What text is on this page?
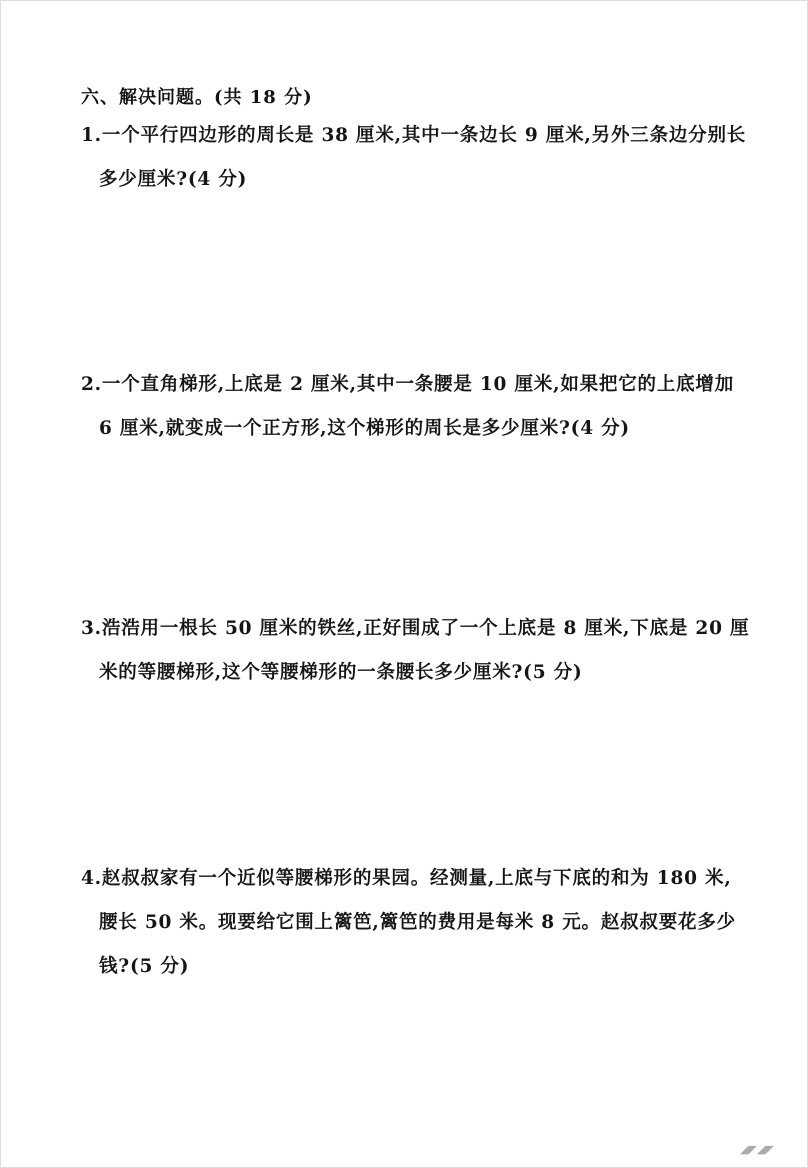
六、解决问题。(共 18 分)
1.一个平行四边形的周长是 38 厘米,其中一条边长 9 厘米,另外三条边分别长
多少厘米?(4 分)
2.一个直角梯形,上底是 2 厘米,其中一条腰是 10 厘米,如果把它的上底增加
6 厘米,就变成一个正方形,这个梯形的周长是多少厘米?(4 分)
3.浩浩用一根长 50 厘米的铁丝,正好围成了一个上底是 8 厘米,下底是 20 厘
米的等腰梯形,这个等腰梯形的一条腰长多少厘米?(5 分)
4.赵叔叔家有一个近似等腰梯形的果园。经测量,上底与下底的和为 180 米,
腰长 50 米。现要给它围上篱笆,篱笆的费用是每米 8 元。赵叔叔要花多少
钱?(5 分)
◢◤◢◤
